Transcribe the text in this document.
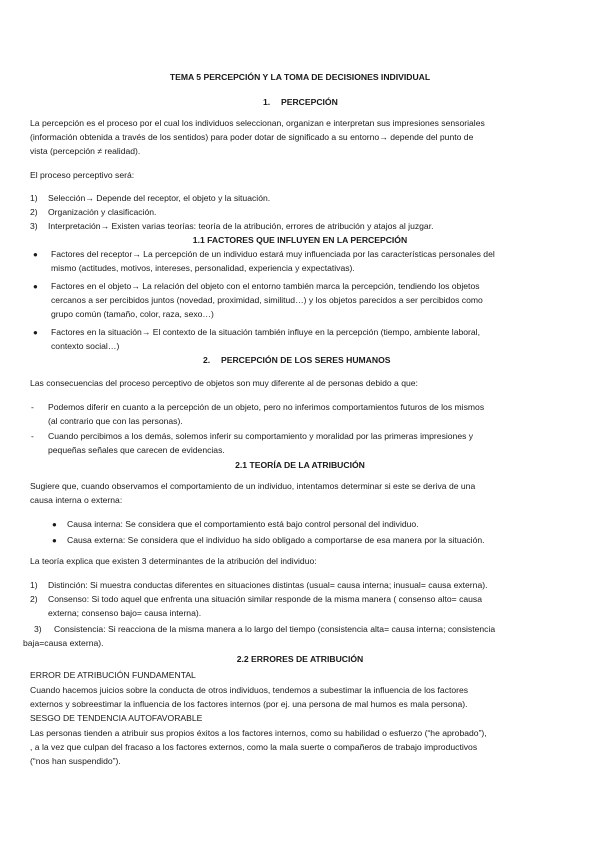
TEMA 5 PERCEPCIÓN Y LA TOMA DE DECISIONES INDIVIDUAL
1. PERCEPCIÓN
La percepción es el proceso por el cual los individuos seleccionan, organizan e interpretan sus impresiones sensoriales
(información obtenida a través de los sentidos) para poder dotar de significado a su entorno→ depende del punto de
vista (percepción ≠ realidad).
El proceso perceptivo será:
1) Selección→ Depende del receptor, el objeto y la situación.
2) Organización y clasificación.
3) Interpretación→ Existen varias teorías: teoría de la atribución, errores de atribución y atajos al juzgar.
1.1 FACTORES QUE INFLUYEN EN LA PERCEPCIÓN
● Factores del receptor→ La percepción de un individuo estará muy influenciada por las características personales del
mismo (actitudes, motivos, intereses, personalidad, experiencia y expectativas).
● Factores en el objeto→ La relación del objeto con el entorno también marca la percepción, tendiendo los objetos
cercanos a ser percibidos juntos (novedad, proximidad, similitud…) y los objetos parecidos a ser percibidos como
grupo común (tamaño, color, raza, sexo…)
● Factores en la situación→ El contexto de la situación también influye en la percepción (tiempo, ambiente laboral,
contexto social…)
2. PERCEPCIÓN DE LOS SERES HUMANOS
Las consecuencias del proceso perceptivo de objetos son muy diferente al de personas debido a que:
- Podemos diferir en cuanto a la percepción de un objeto, pero no inferimos comportamientos futuros de los mismos
(al contrario que con las personas).
- Cuando percibimos a los demás, solemos inferir su comportamiento y moralidad por las primeras impresiones y
pequeñas señales que carecen de evidencias.
2.1 TEORÍA DE LA ATRIBUCIÓN
Sugiere que, cuando observamos el comportamiento de un individuo, intentamos determinar si este se deriva de una
causa interna o externa:
● Causa interna: Se considera que el comportamiento está bajo control personal del individuo.
● Causa externa: Se considera que el individuo ha sido obligado a comportarse de esa manera por la situación.
La teoría explica que existen 3 determinantes de la atribución del individuo:
1) Distinción: Si muestra conductas diferentes en situaciones distintas (usual= causa interna; inusual= causa externa).
2) Consenso: Si todo aquel que enfrenta una situación similar responde de la misma manera ( consenso alto= causa
externa; consenso bajo= causa interna).
3) Consistencia: Si reacciona de la misma manera a lo largo del tiempo (consistencia alta= causa interna; consistencia
baja=causa externa).
2.2 ERRORES DE ATRIBUCIÓN
ERROR DE ATRIBUCIÓN FUNDAMENTAL
Cuando hacemos juicios sobre la conducta de otros individuos, tendemos a subestimar la influencia de los factores
externos y sobreestimar la influencia de los factores internos (por ej. una persona de mal humos es mala persona).
SESGO DE TENDENCIA AUTOFAVORABLE
Las personas tienden a atribuir sus propios éxitos a los factores internos, como su habilidad o esfuerzo (“he aprobado”),
, a la vez que culpan del fracaso a los factores externos, como la mala suerte o compañeros de trabajo improductivos
(“nos han suspendido”).
